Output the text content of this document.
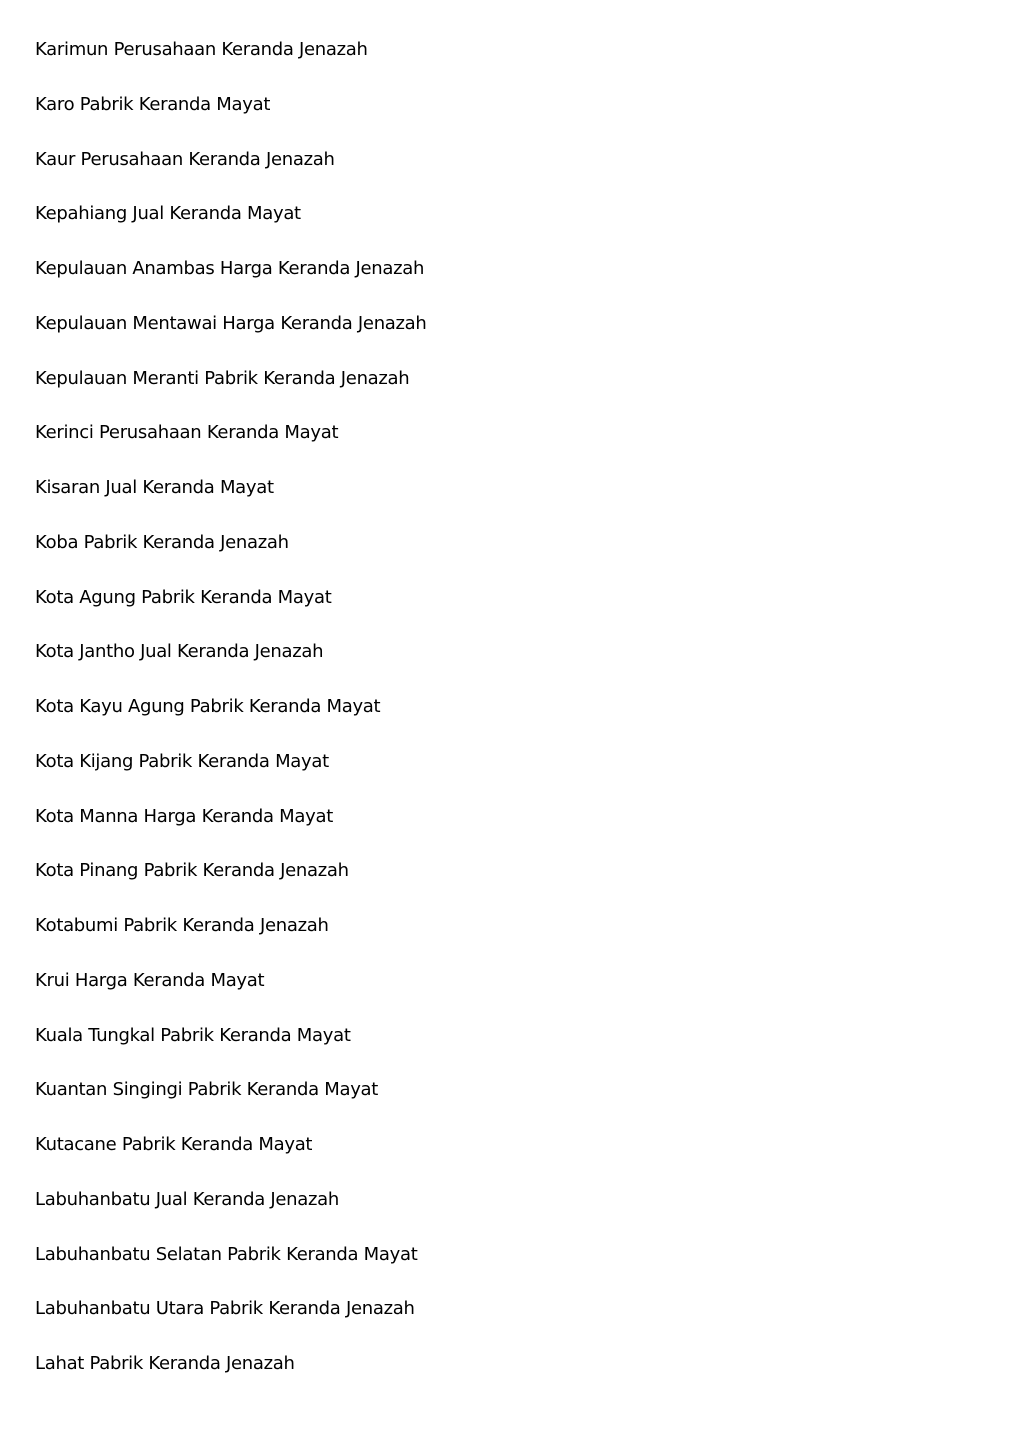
Karimun Perusahaan Keranda Jenazah
Karo Pabrik Keranda Mayat
Kaur Perusahaan Keranda Jenazah
Kepahiang Jual Keranda Mayat
Kepulauan Anambas Harga Keranda Jenazah
Kepulauan Mentawai Harga Keranda Jenazah
Kepulauan Meranti Pabrik Keranda Jenazah
Kerinci Perusahaan Keranda Mayat
Kisaran Jual Keranda Mayat
Koba Pabrik Keranda Jenazah
Kota Agung Pabrik Keranda Mayat
Kota Jantho Jual Keranda Jenazah
Kota Kayu Agung Pabrik Keranda Mayat
Kota Kijang Pabrik Keranda Mayat
Kota Manna Harga Keranda Mayat
Kota Pinang Pabrik Keranda Jenazah
Kotabumi Pabrik Keranda Jenazah
Krui Harga Keranda Mayat
Kuala Tungkal Pabrik Keranda Mayat
Kuantan Singingi Pabrik Keranda Mayat
Kutacane Pabrik Keranda Mayat
Labuhanbatu Jual Keranda Jenazah
Labuhanbatu Selatan Pabrik Keranda Mayat
Labuhanbatu Utara Pabrik Keranda Jenazah
Lahat Pabrik Keranda Jenazah
